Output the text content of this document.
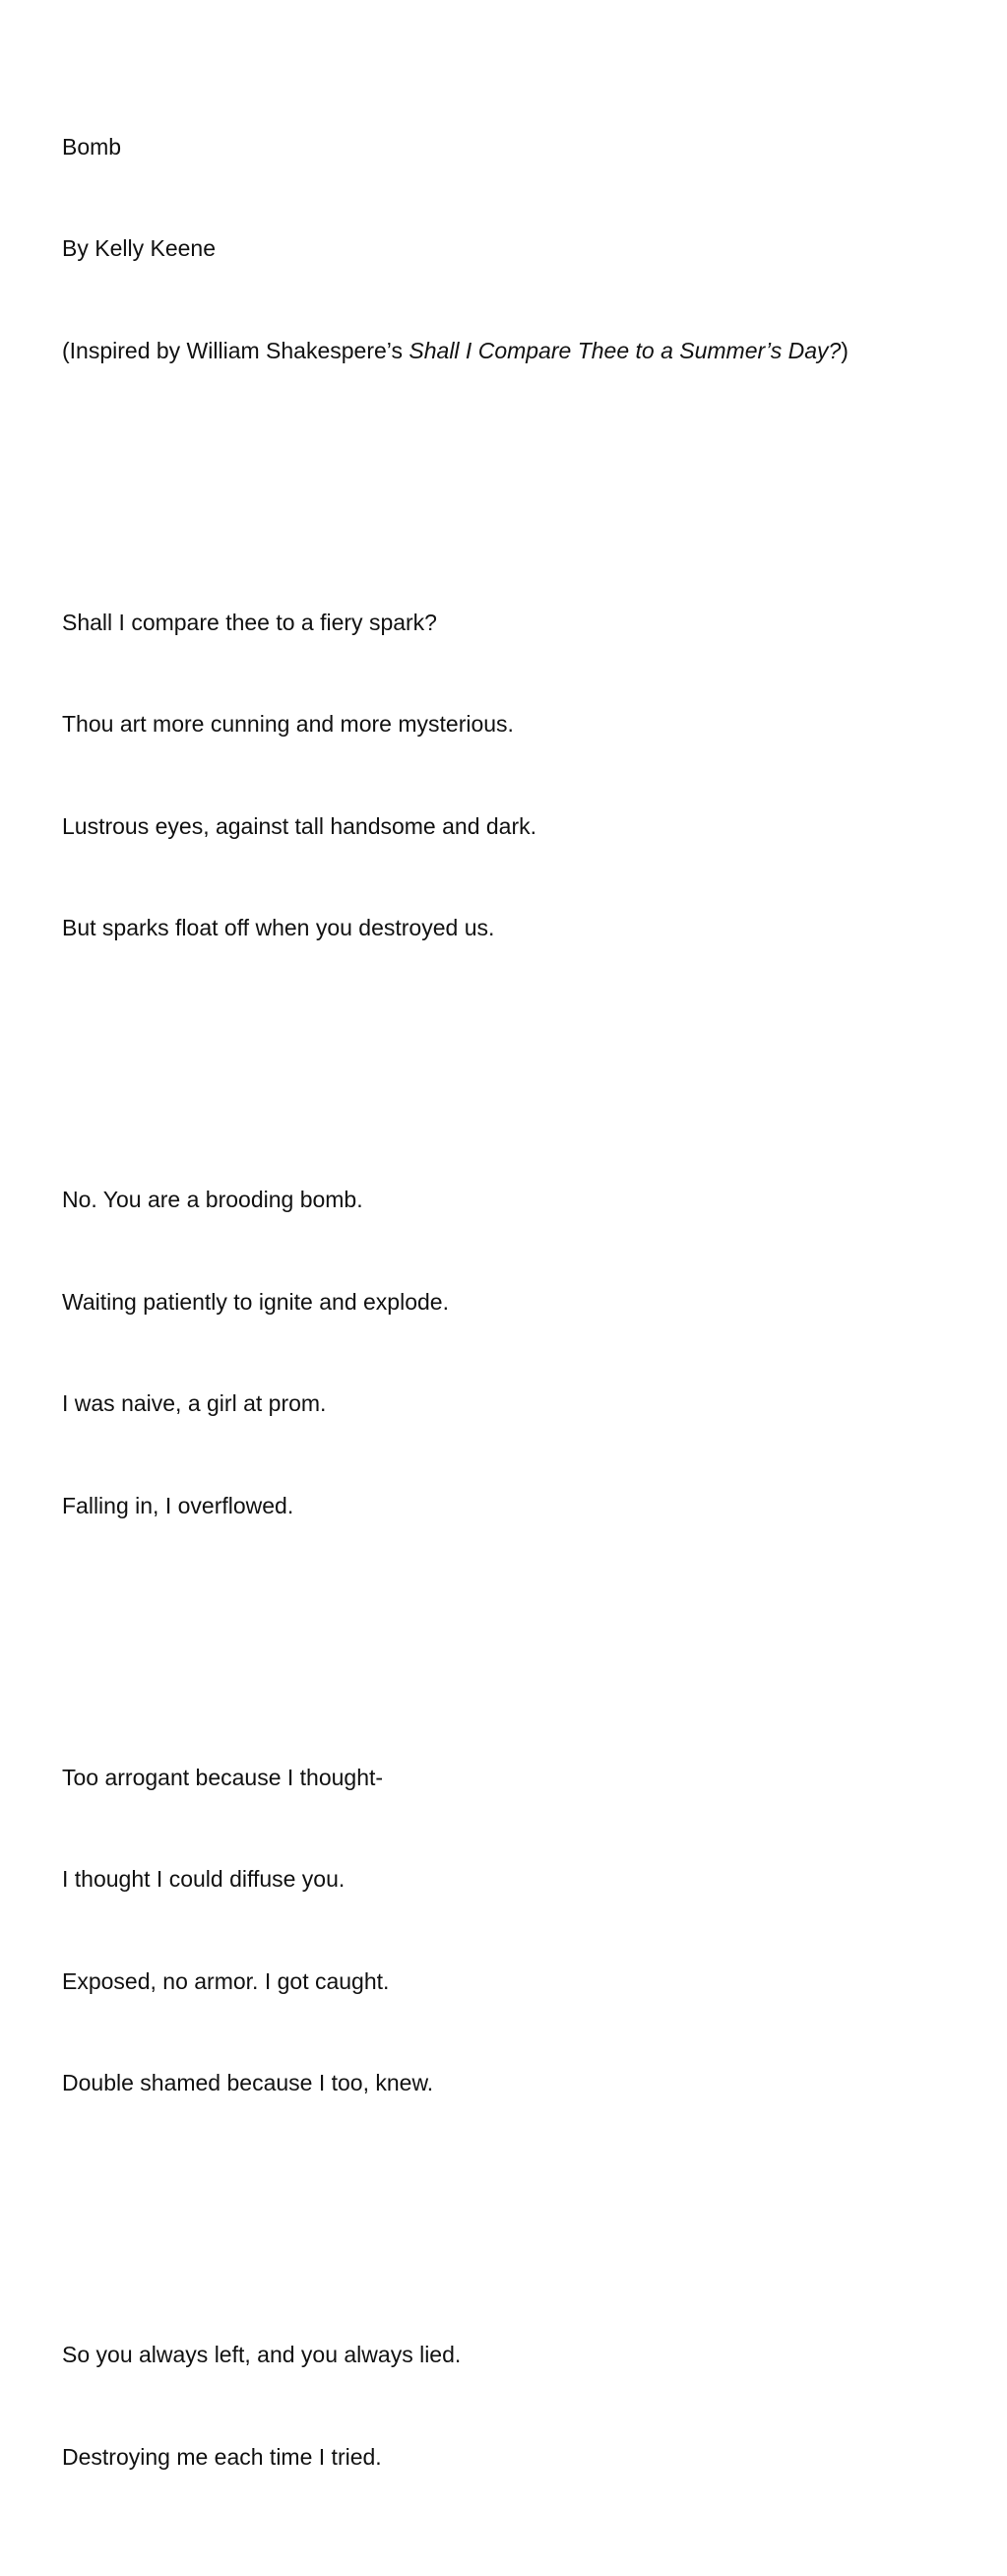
Bomb

By Kelly Keene

(Inspired by William Shakespere’s Shall I Compare Thee to a Summer’s Day?)

Shall I compare thee to a fiery spark?

Thou art more cunning and more mysterious.

Lustrous eyes, against tall handsome and dark.

But sparks float off when you destroyed us.

No. You are a brooding bomb.

Waiting patiently to ignite and explode.

I was naive, a girl at prom.

Falling in, I overflowed.

Too arrogant because I thought-

I thought I could diffuse you.

Exposed, no armor. I got caught.

Double shamed because I too, knew.

So you always left, and you always lied.

Destroying me each time I tried.
